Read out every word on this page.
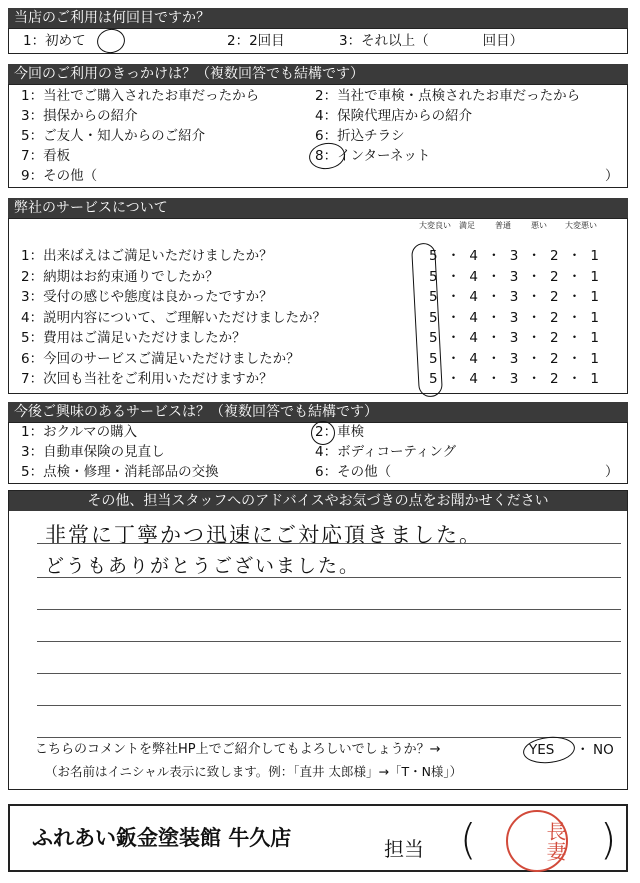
当店のご利用は何回目ですか？
1：初めて	2：2回目	3：それ以上（　　　　回目）
今回のご利用のきっかけは？（複数回答でも結構です）
1：当社でご購入されたお車だったから	2：当社で車検・点検されたお車だったから
3：損保からの紹介	4：保険代理店からの紹介
5：ご友人・知人からのご紹介	6：折込チラシ
7：看板	8：インターネット
9：その他（	）
弊社のサービスについて
大変良い	満足	普通	悪い	大変悪い
1：出来ばえはご満足いただけましたか？	5 ・ 4 ・ 3 ・ 2 ・ 1
2：納期はお約束通りでしたか？	5 ・ 4 ・ 3 ・ 2 ・ 1
3：受付の感じや態度は良かったですか？	5 ・ 4 ・ 3 ・ 2 ・ 1
4：説明内容について、ご理解いただけましたか？	5 ・ 4 ・ 3 ・ 2 ・ 1
5：費用はご満足いただけましたか？	5 ・ 4 ・ 3 ・ 2 ・ 1
6：今回のサービスご満足いただけましたか？	5 ・ 4 ・ 3 ・ 2 ・ 1
7：次回も当社をご利用いただけますか？	5 ・ 4 ・ 3 ・ 2 ・ 1
今後ご興味のあるサービスは？（複数回答でも結構です）
1：おクルマの購入	2：車検
3：自動車保険の見直し	4：ボディコーティング
5：点検・修理・消耗部品の交換	6：その他（	）
その他、担当スタッフへのアドバイスやお気づきの点をお聞かせください
非常に丁寧かつ迅速にご対応頂きました。
どうもありがとうございました。
こちらのコメントを弊社HP上でご紹介してもよろしいでしょうか？→	YES ・ NO
（お名前はイニシャル表示に致します。例：「直井 太郎様」→「T・N様」）
ふれあい鈑金塗装館 牛久店	担当 (	)
長妻
